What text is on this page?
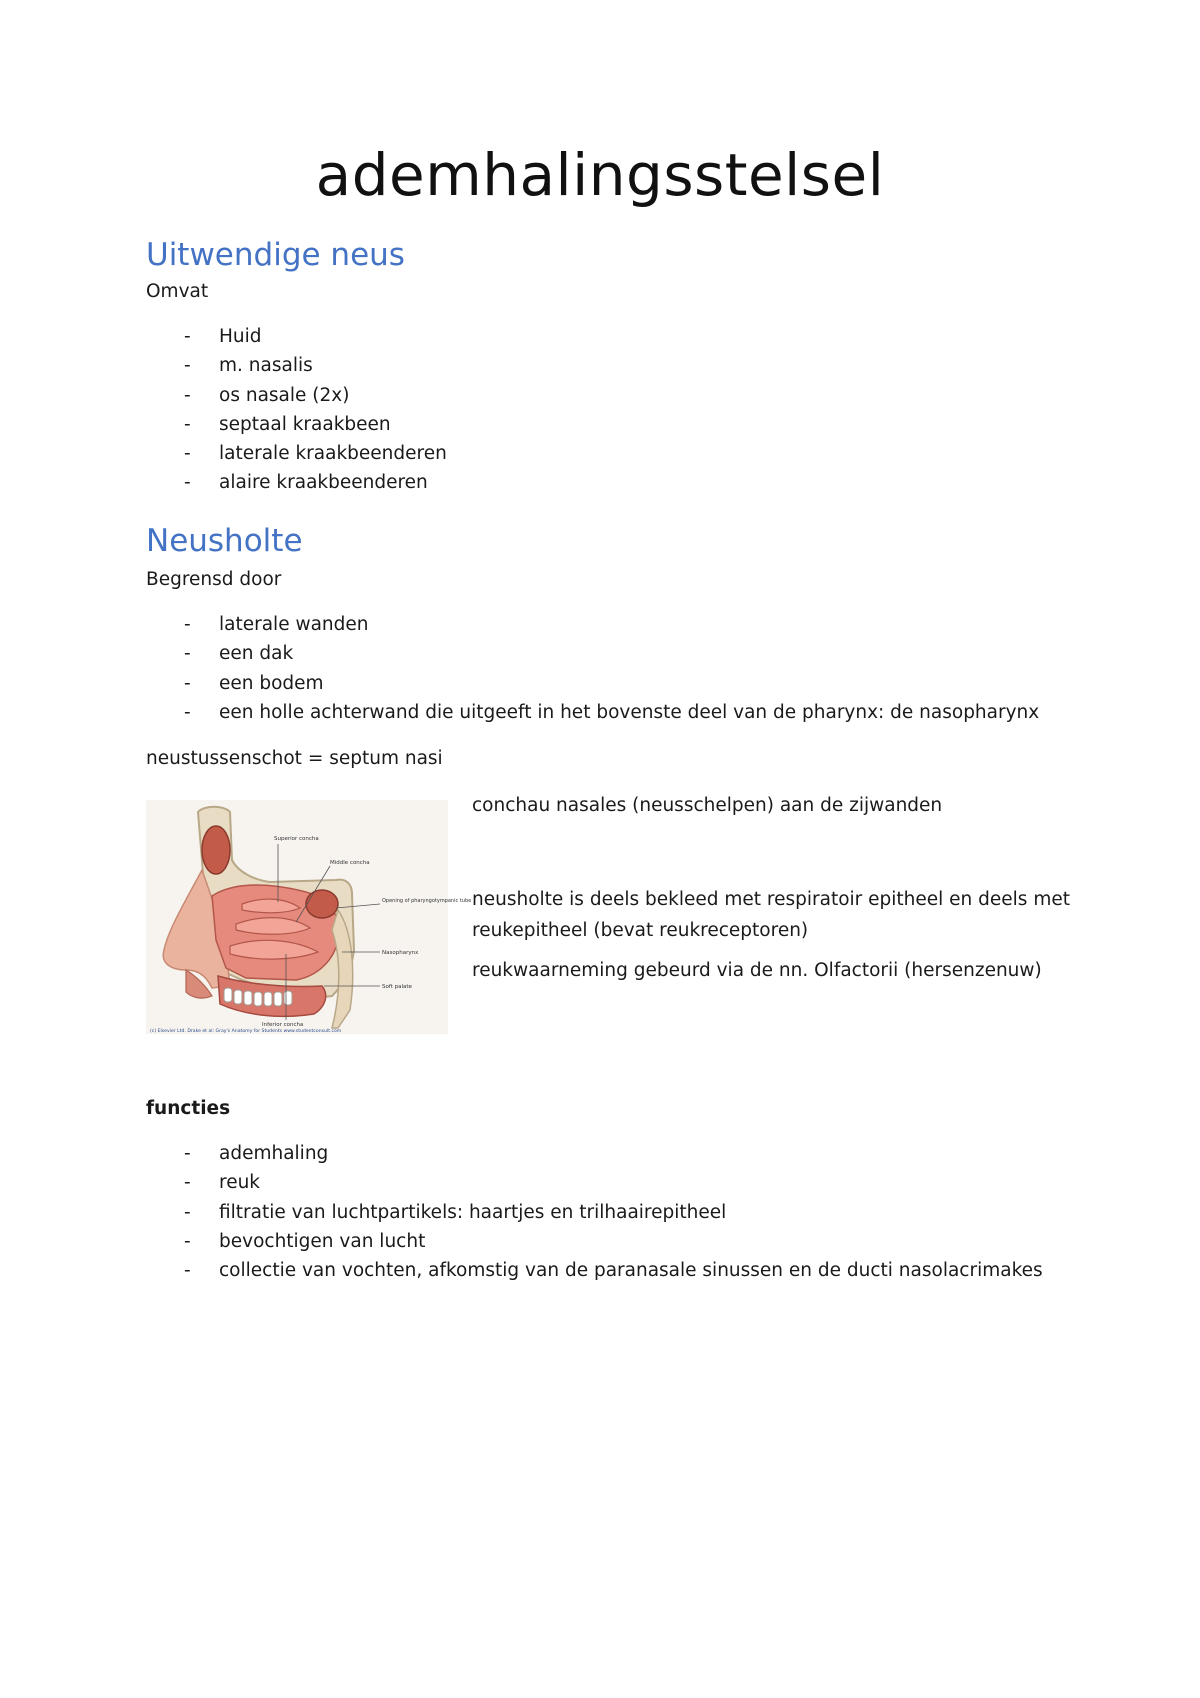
ademhalingsstelsel
Uitwendige neus

Omvat

- Huid
- m. nasalis
- os nasale (2x)
- septaal kraakbeen
- laterale kraakbeenderen
- alaire kraakbeenderen
Neusholte

Begrensd door

- laterale wanden
- een dak
- een bodem
- een holle achterwand die uitgeeft in het bovenste deel van de pharynx: de nasopharynx

neustussenschot = septum nasi

Superior concha
Middle concha
Opening of pharyngotympanic tube
Nasopharynx
Soft palate
Inferior concha
(c) Elsevier Ltd. Drake et al: Gray's Anatomy for Students www.studentconsult.com

conchau nasales (neusschelpen) aan de zijwanden

neusholte is deels bekleed met respiratoir epitheel en deels met reukepitheel (bevat reukreceptoren)

reukwaarneming gebeurd via de nn. Olfactorii (hersenzenuw)

functies

- ademhaling
- reuk
- filtratie van luchtpartikels: haartjes en trilhaairepitheel
- bevochtigen van lucht
- collectie van vochten, afkomstig van de paranasale sinussen en de ducti nasolacrimakes
